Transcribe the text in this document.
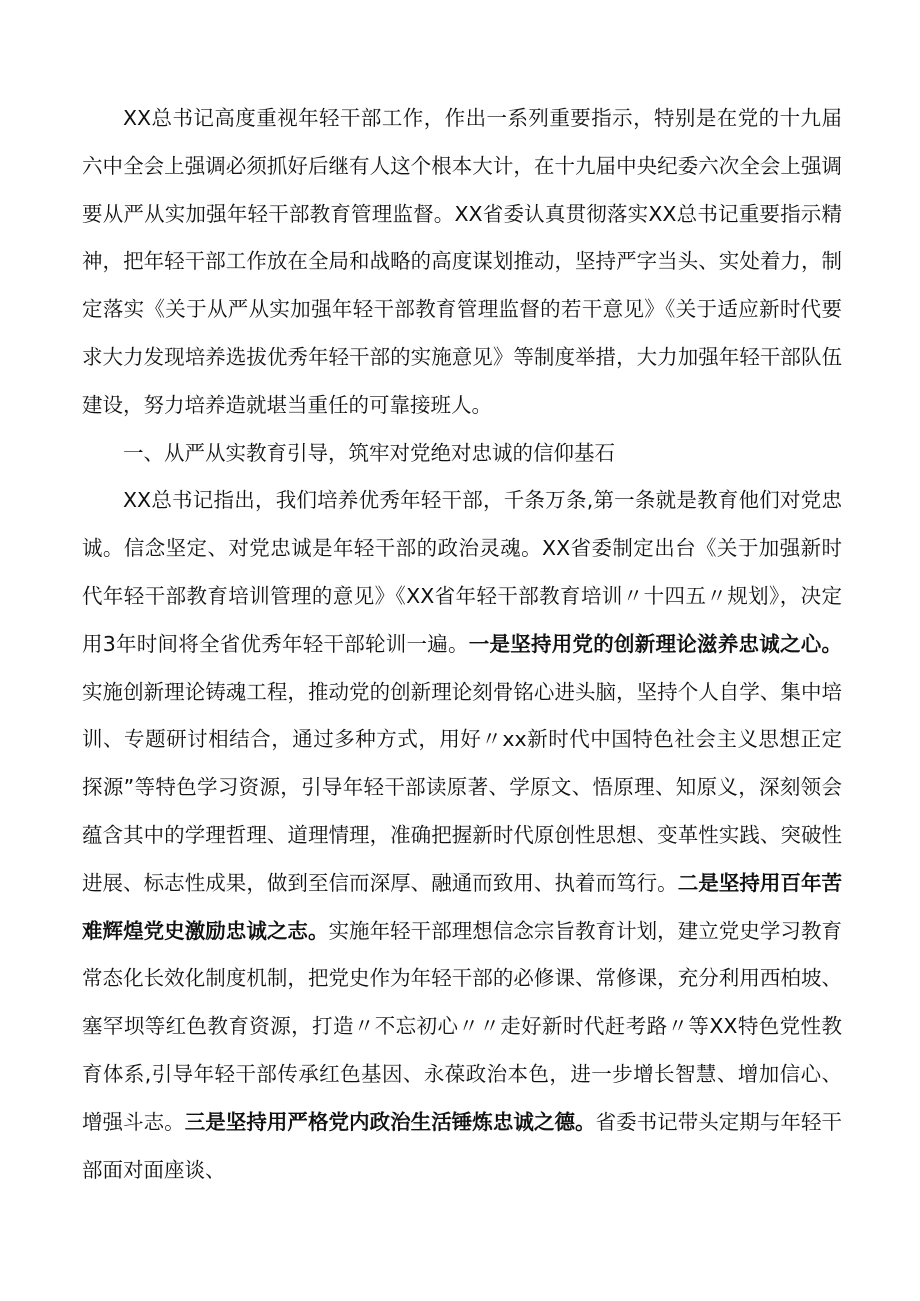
XX总书记高度重视年轻干部工作，作出一系列重要指示，特别是在党的十九届六中全会上强调必须抓好后继有人这个根本大计，在十九届中央纪委六次全会上强调要从严从实加强年轻干部教育管理监督。XX省委认真贯彻落实XX总书记重要指示精神，把年轻干部工作放在全局和战略的高度谋划推动，坚持严字当头、实处着力，制定落实《关于从严从实加强年轻干部教育管理监督的若干意见》《关于适应新时代要求大力发现培养选拔优秀年轻干部的实施意见》等制度举措，大力加强年轻干部队伍建设，努力培养造就堪当重任的可靠接班人。

一、从严从实教育引导，筑牢对党绝对忠诚的信仰基石

XX总书记指出，我们培养优秀年轻干部，千条万条,第一条就是教育他们对党忠诚。信念坚定、对党忠诚是年轻干部的政治灵魂。XX省委制定出台《关于加强新时代年轻干部教育培训管理的意见》《XX省年轻干部教育培训〃十四五〃规划》，决定用3年时间将全省优秀年轻干部轮训一遍。一是坚持用党的创新理论滋养忠诚之心。实施创新理论铸魂工程，推动党的创新理论刻骨铭心进头脑，坚持个人自学、集中培训、专题研讨相结合，通过多种方式，用好〃xx新时代中国特色社会主义思想正定探源”等特色学习资源，引导年轻干部读原著、学原文、悟原理、知原义，深刻领会蕴含其中的学理哲理、道理情理，准确把握新时代原创性思想、变革性实践、突破性进展、标志性成果，做到至信而深厚、融通而致用、执着而笃行。二是坚持用百年苦难辉煌党史激励忠诚之志。实施年轻干部理想信念宗旨教育计划，建立党史学习教育常态化长效化制度机制，把党史作为年轻干部的必修课、常修课，充分利用西柏坡、塞罕坝等红色教育资源，打造〃不忘初心〃〃走好新时代赶考路〃等XX特色党性教育体系,引导年轻干部传承红色基因、永葆政治本色，进一步增长智慧、增加信心、增强斗志。三是坚持用严格党内政治生活锤炼忠诚之德。省委书记带头定期与年轻干部面对面座谈、
